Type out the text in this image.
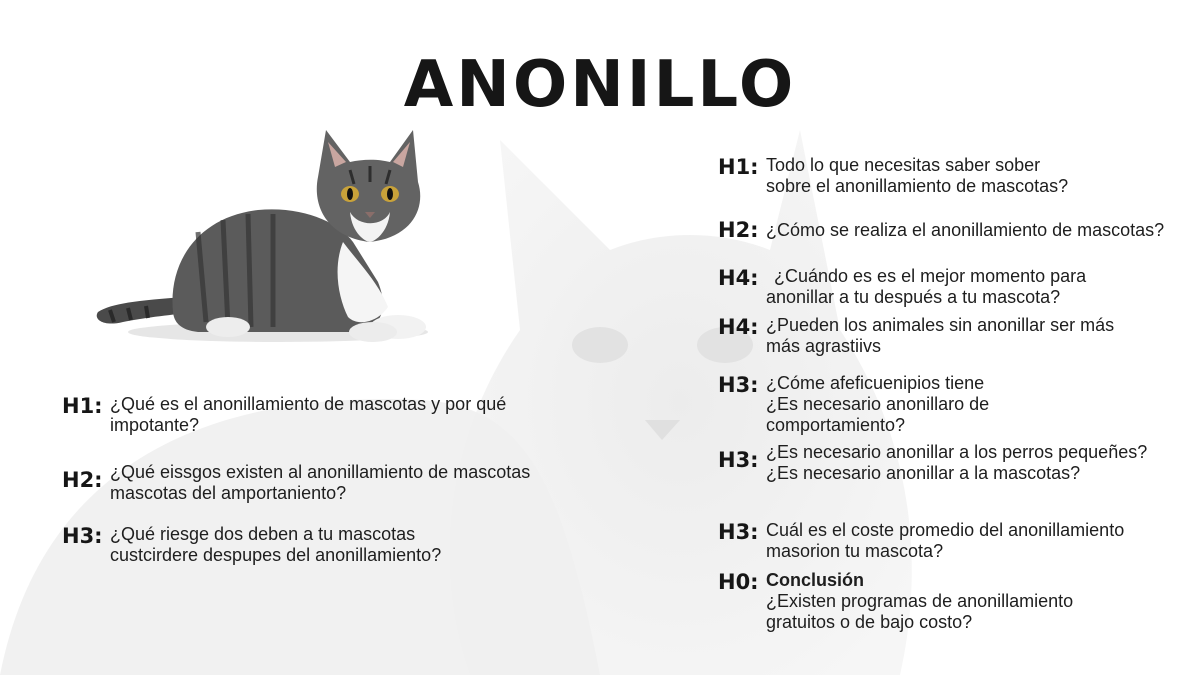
ANONILLO
H1: ¿Qué es el anonillamiento de mascotas y por qué
impotante?
H2: ¿Qué eissgos existen al anonillamiento de mascotas
mascotas del amportaniento?
H3: ¿Qué riesge dos deben a tu mascotas
custcirdere despupes del anonillamiento?
H1: Todo lo que necesitas saber sober
sobre el anonillamiento de mascotas?
H2: ¿Cómo se realiza el anonillamiento de mascotas?
H4: ¿Cuándo es es el mejor momento para
anonillar a tu después a tu mascota?
H4: ¿Pueden los animales sin anonillar ser más
más agrastiivs
H3: ¿Cóme afeficuenipios tiene
¿Es necesario anonillaro de
comportamiento?
H3: ¿Es necesario anonillar a los perros pequeñes?
¿Es necesario anonillar a la mascotas?
H3: Cuál es el coste promedio del anonillamiento
masorion tu mascota?
H0: Conclusión
¿Existen programas de anonillamiento
gratuitos o de bajo costo?
